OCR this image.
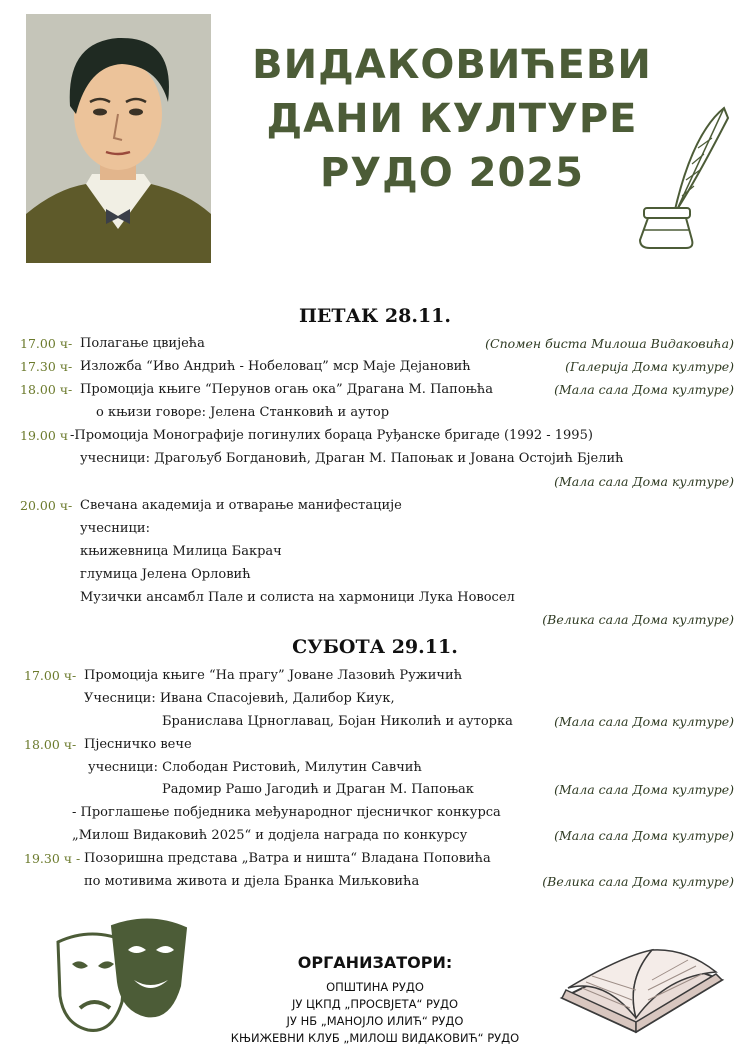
ВИДАКОВИЋЕВИ
ДАНИ КУЛТУРЕ
РУДО 2025
ПЕТАК 28.11.
17.00 ч- Полагање цвијећа	(Спомен биста Милоша Видаковића)
17.30 ч- Изложба “Иво Андрић - Нобеловац” мср Маје Дејановић	(Галерија Дома културе)
18.00 ч- Промоција књиге “Перунов огањ ока” Драгана М. Папоњћа	(Мала сала Дома културе)
о књизи говоре: Јелена Станковић и аутор
19.00 ч -Промоција Монографије погинулих бораца Руђанске бригаде (1992 - 1995)
учесници: Драгољуб Богдановић, Драган М. Папоњак и Јована Остојић Бјелић
(Мала сала Дома културе)
20.00 ч- Свечана академија и отварање манифестације
учесници:
књижевница Милица Бакрач
глумица Јелена Орловић
Музички ансамбл Пале и солиста на хармоници Лука Новосел
(Велика сала Дома културе)
СУБОТА 29.11.
17.00 ч- Промоција књиге “На прагу” Јоване Лазовић Ружичић
Учесници: Ивана Спасојевић, Далибор Киук,
Бранислава Црноглавац, Бојан Николић и ауторка	(Мала сала Дома културе)
18.00 ч- Пјесничко вече
учесници: Слободан Ристовић, Милутин Савчић
Радомир Рашо Јагодић и Драган М. Папоњак	(Мала сала Дома културе)
- Проглашење побједника међународног пјесничког конкурса
„Милош Видаковић 2025“ и додјела наградa по конкурсу	(Мала сала Дома културе)
19.30 ч - Позоришна представа „Ватра и ништа“ Владана Поповића
по мотивима живота и дјела Бранка Миљковића	(Велика сала Дома културе)
ОРГАНИЗАТОРИ:
ОПШТИНА РУДО
ЈУ ЦКПД „ПРОСВЈЕТА“ РУДО
ЈУ НБ „МАНОЈЛО ИЛИЋ“ РУДО
КЊИЖЕВНИ КЛУБ „МИЛОШ ВИДАКОВИЋ“ РУДО
